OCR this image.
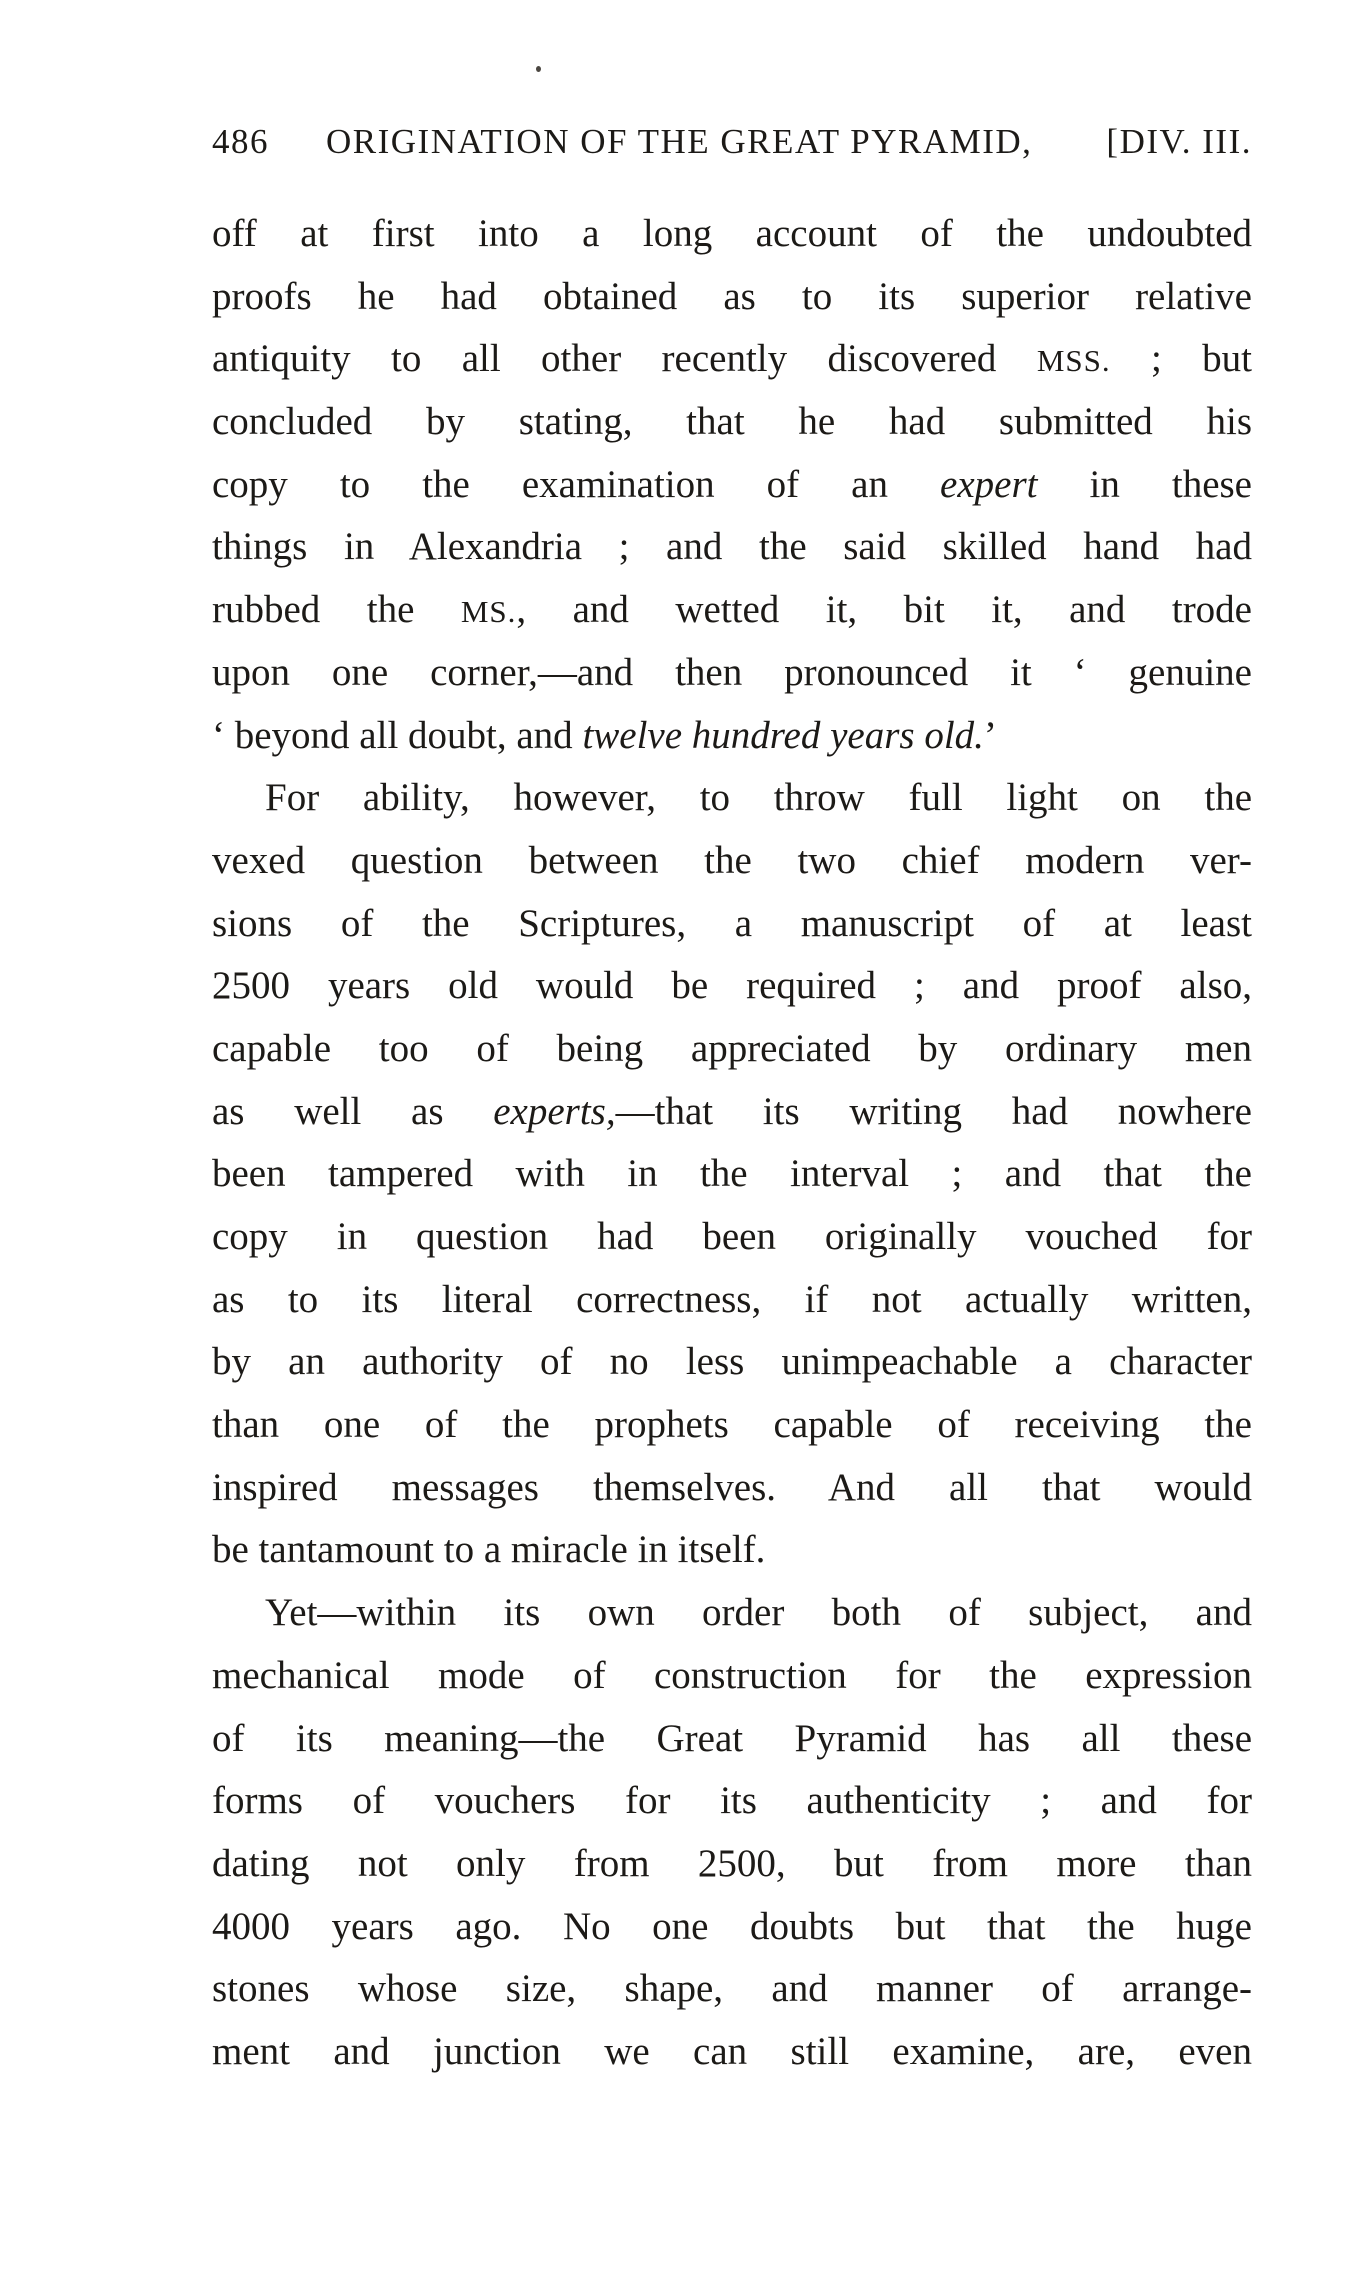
486 ORIGINATION OF THE GREAT PYRAMID, [DIV. III.
off at first into a long account of the undoubted
proofs he had obtained as to its superior relative
antiquity to all other recently discovered MSS. ; but
concluded by stating, that he had submitted his
copy to the examination of an expert in these
things in Alexandria ; and the said skilled hand had
rubbed the MS., and wetted it, bit it, and trode
upon one corner,—and then pronounced it ‘ genuine
‘ beyond all doubt, and twelve hundred years old.’
For ability, however, to throw full light on the
vexed question between the two chief modern ver-
sions of the Scriptures, a manuscript of at least
2500 years old would be required ; and proof also,
capable too of being appreciated by ordinary men
as well as experts,—that its writing had nowhere
been tampered with in the interval ; and that the
copy in question had been originally vouched for
as to its literal correctness, if not actually written,
by an authority of no less unimpeachable a character
than one of the prophets capable of receiving the
inspired messages themselves. And all that would
be tantamount to a miracle in itself.
Yet—within its own order both of subject, and
mechanical mode of construction for the expression
of its meaning—the Great Pyramid has all these
forms of vouchers for its authenticity ; and for
dating not only from 2500, but from more than
4000 years ago. No one doubts but that the huge
stones whose size, shape, and manner of arrange-
ment and junction we can still examine, are, even
